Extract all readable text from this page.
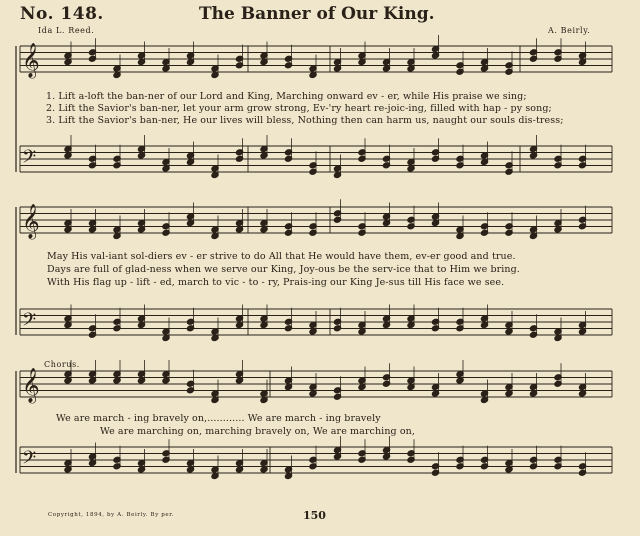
No. 148.	The Banner of Our King.
Ida L. Reed.	A. Beirly.
𝄞
𝄢
𝄞
𝄢
𝄞
𝄢
1. Lift a-loft the ban-ner of our Lord and King, Marching onward ev - er, while His praise we sing;
2. Lift the Savior's ban-ner, let your arm grow strong, Ev-'ry heart re-joic-ing, filled with hap - py song;
3. Lift the Savior's ban-ner, He our lives will bless, Nothing then can harm us, naught our souls dis-tress;
May His val-iant sol-diers ev - er strive to do All that He would have them, ev-er good and true.
Days are full of glad-ness when we serve our King, Joy-ous be the serv-ice that to Him we bring.
With His flag up - lift - ed, march to vic - to - ry, Prais-ing our King Je-sus till His face we see.
Chorus.
We are march - ing bravely on,............ We are march - ing bravely
We are marching on, marching bravely on, We are marching on,
Copyright, 1894, by A. Beirly. By per.	150
